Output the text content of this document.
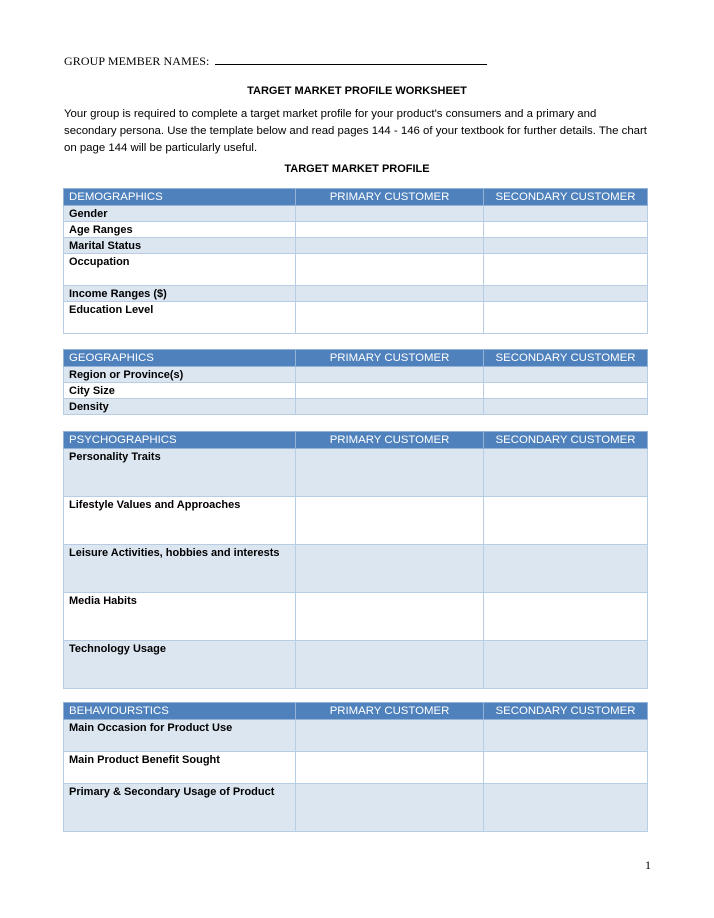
GROUP MEMBER NAMES:
TARGET MARKET PROFILE WORKSHEET
Your group is required to complete a target market profile for your product's consumers and a primary and secondary persona. Use the template below and read pages 144 - 146 of your textbook for further details. The chart on page 144 will be particularly useful.
TARGET MARKET PROFILE
DEMOGRAPHICS	PRIMARY CUSTOMER	SECONDARY CUSTOMER
Gender		
Age Ranges		
Marital Status		
Occupation		
Income Ranges ($)		
Education Level		
GEOGRAPHICS	PRIMARY CUSTOMER	SECONDARY CUSTOMER
Region or Province(s)		
City Size		
Density		
PSYCHOGRAPHICS	PRIMARY CUSTOMER	SECONDARY CUSTOMER
Personality Traits		
Lifestyle Values and Approaches		
Leisure Activities, hobbies and interests		
Media Habits		
Technology Usage		
BEHAVIOURSTICS	PRIMARY CUSTOMER	SECONDARY CUSTOMER
Main Occasion for Product Use		
Main Product Benefit Sought		
Primary & Secondary Usage of Product		
1
